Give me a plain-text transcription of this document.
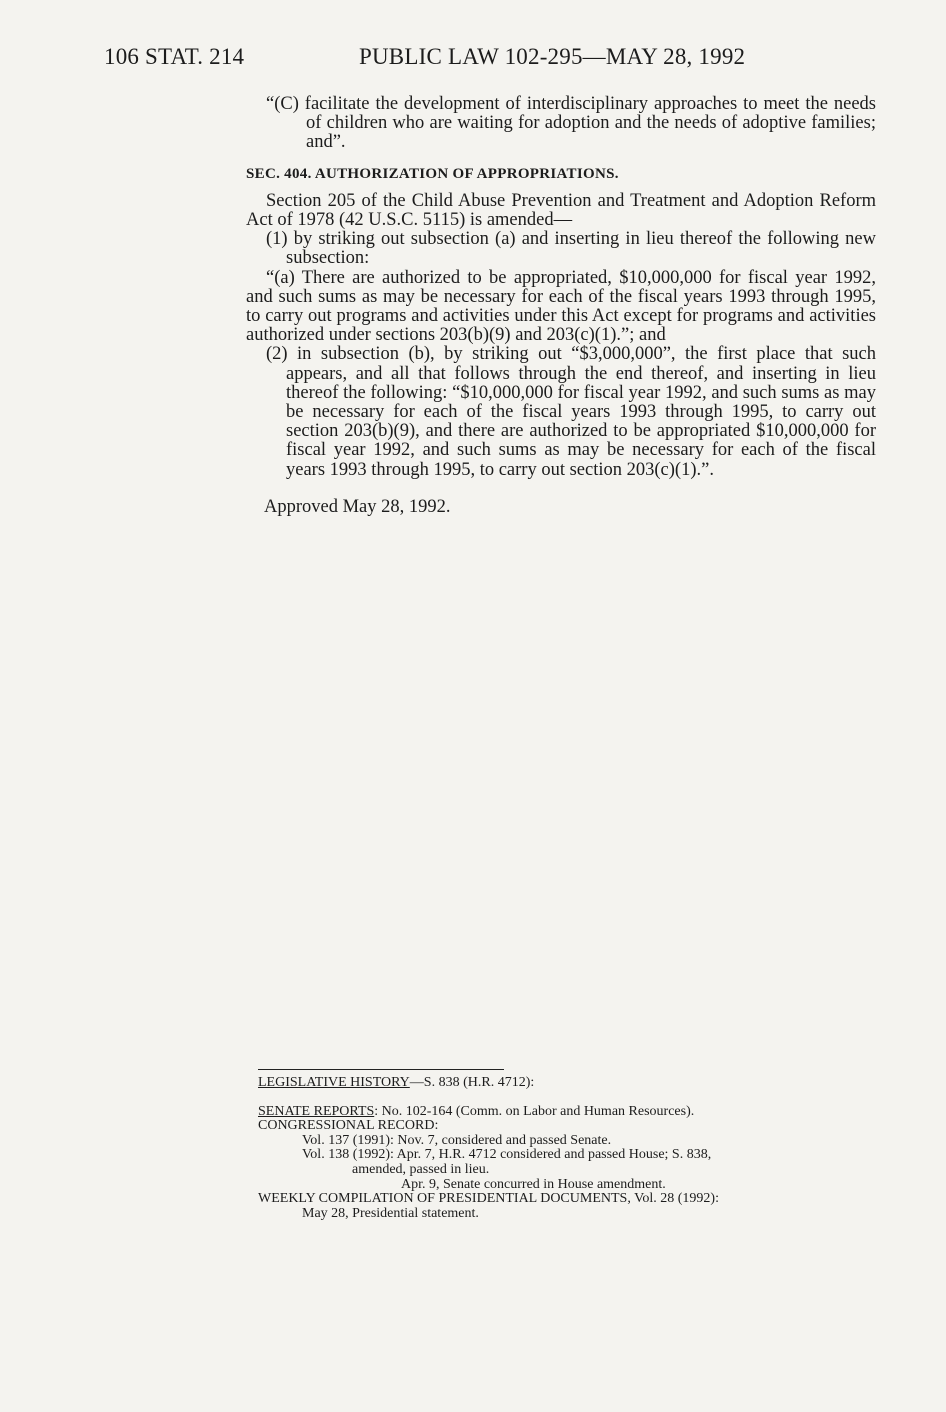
106 STAT. 214	PUBLIC LAW 102-295—MAY 28, 1992

“(C) facilitate the development of interdisciplinary approaches to meet the needs of children who are waiting for adoption and the needs of adoptive families; and”.

SEC. 404. AUTHORIZATION OF APPROPRIATIONS.

Section 205 of the Child Abuse Prevention and Treatment and Adoption Reform Act of 1978 (42 U.S.C. 5115) is amended—

(1) by striking out subsection (a) and inserting in lieu thereof the following new subsection:

“(a) There are authorized to be appropriated, $10,000,000 for fiscal year 1992, and such sums as may be necessary for each of the fiscal years 1993 through 1995, to carry out programs and activities under this Act except for programs and activities authorized under sections 203(b)(9) and 203(c)(1).”; and

(2) in subsection (b), by striking out “$3,000,000”, the first place that such appears, and all that follows through the end thereof, and inserting in lieu thereof the following: “$10,000,000 for fiscal year 1992, and such sums as may be necessary for each of the fiscal years 1993 through 1995, to carry out section 203(b)(9), and there are authorized to be appropriated $10,000,000 for fiscal year 1992, and such sums as may be necessary for each of the fiscal years 1993 through 1995, to carry out section 203(c)(1).”.

Approved May 28, 1992.

LEGISLATIVE HISTORY—S. 838 (H.R. 4712):

SENATE REPORTS: No. 102-164 (Comm. on Labor and Human Resources).

CONGRESSIONAL RECORD:

Vol. 137 (1991): Nov. 7, considered and passed Senate.

Vol. 138 (1992): Apr. 7, H.R. 4712 considered and passed House; S. 838,

amended, passed in lieu.

Apr. 9, Senate concurred in House amendment.

WEEKLY COMPILATION OF PRESIDENTIAL DOCUMENTS, Vol. 28 (1992):

May 28, Presidential statement.
